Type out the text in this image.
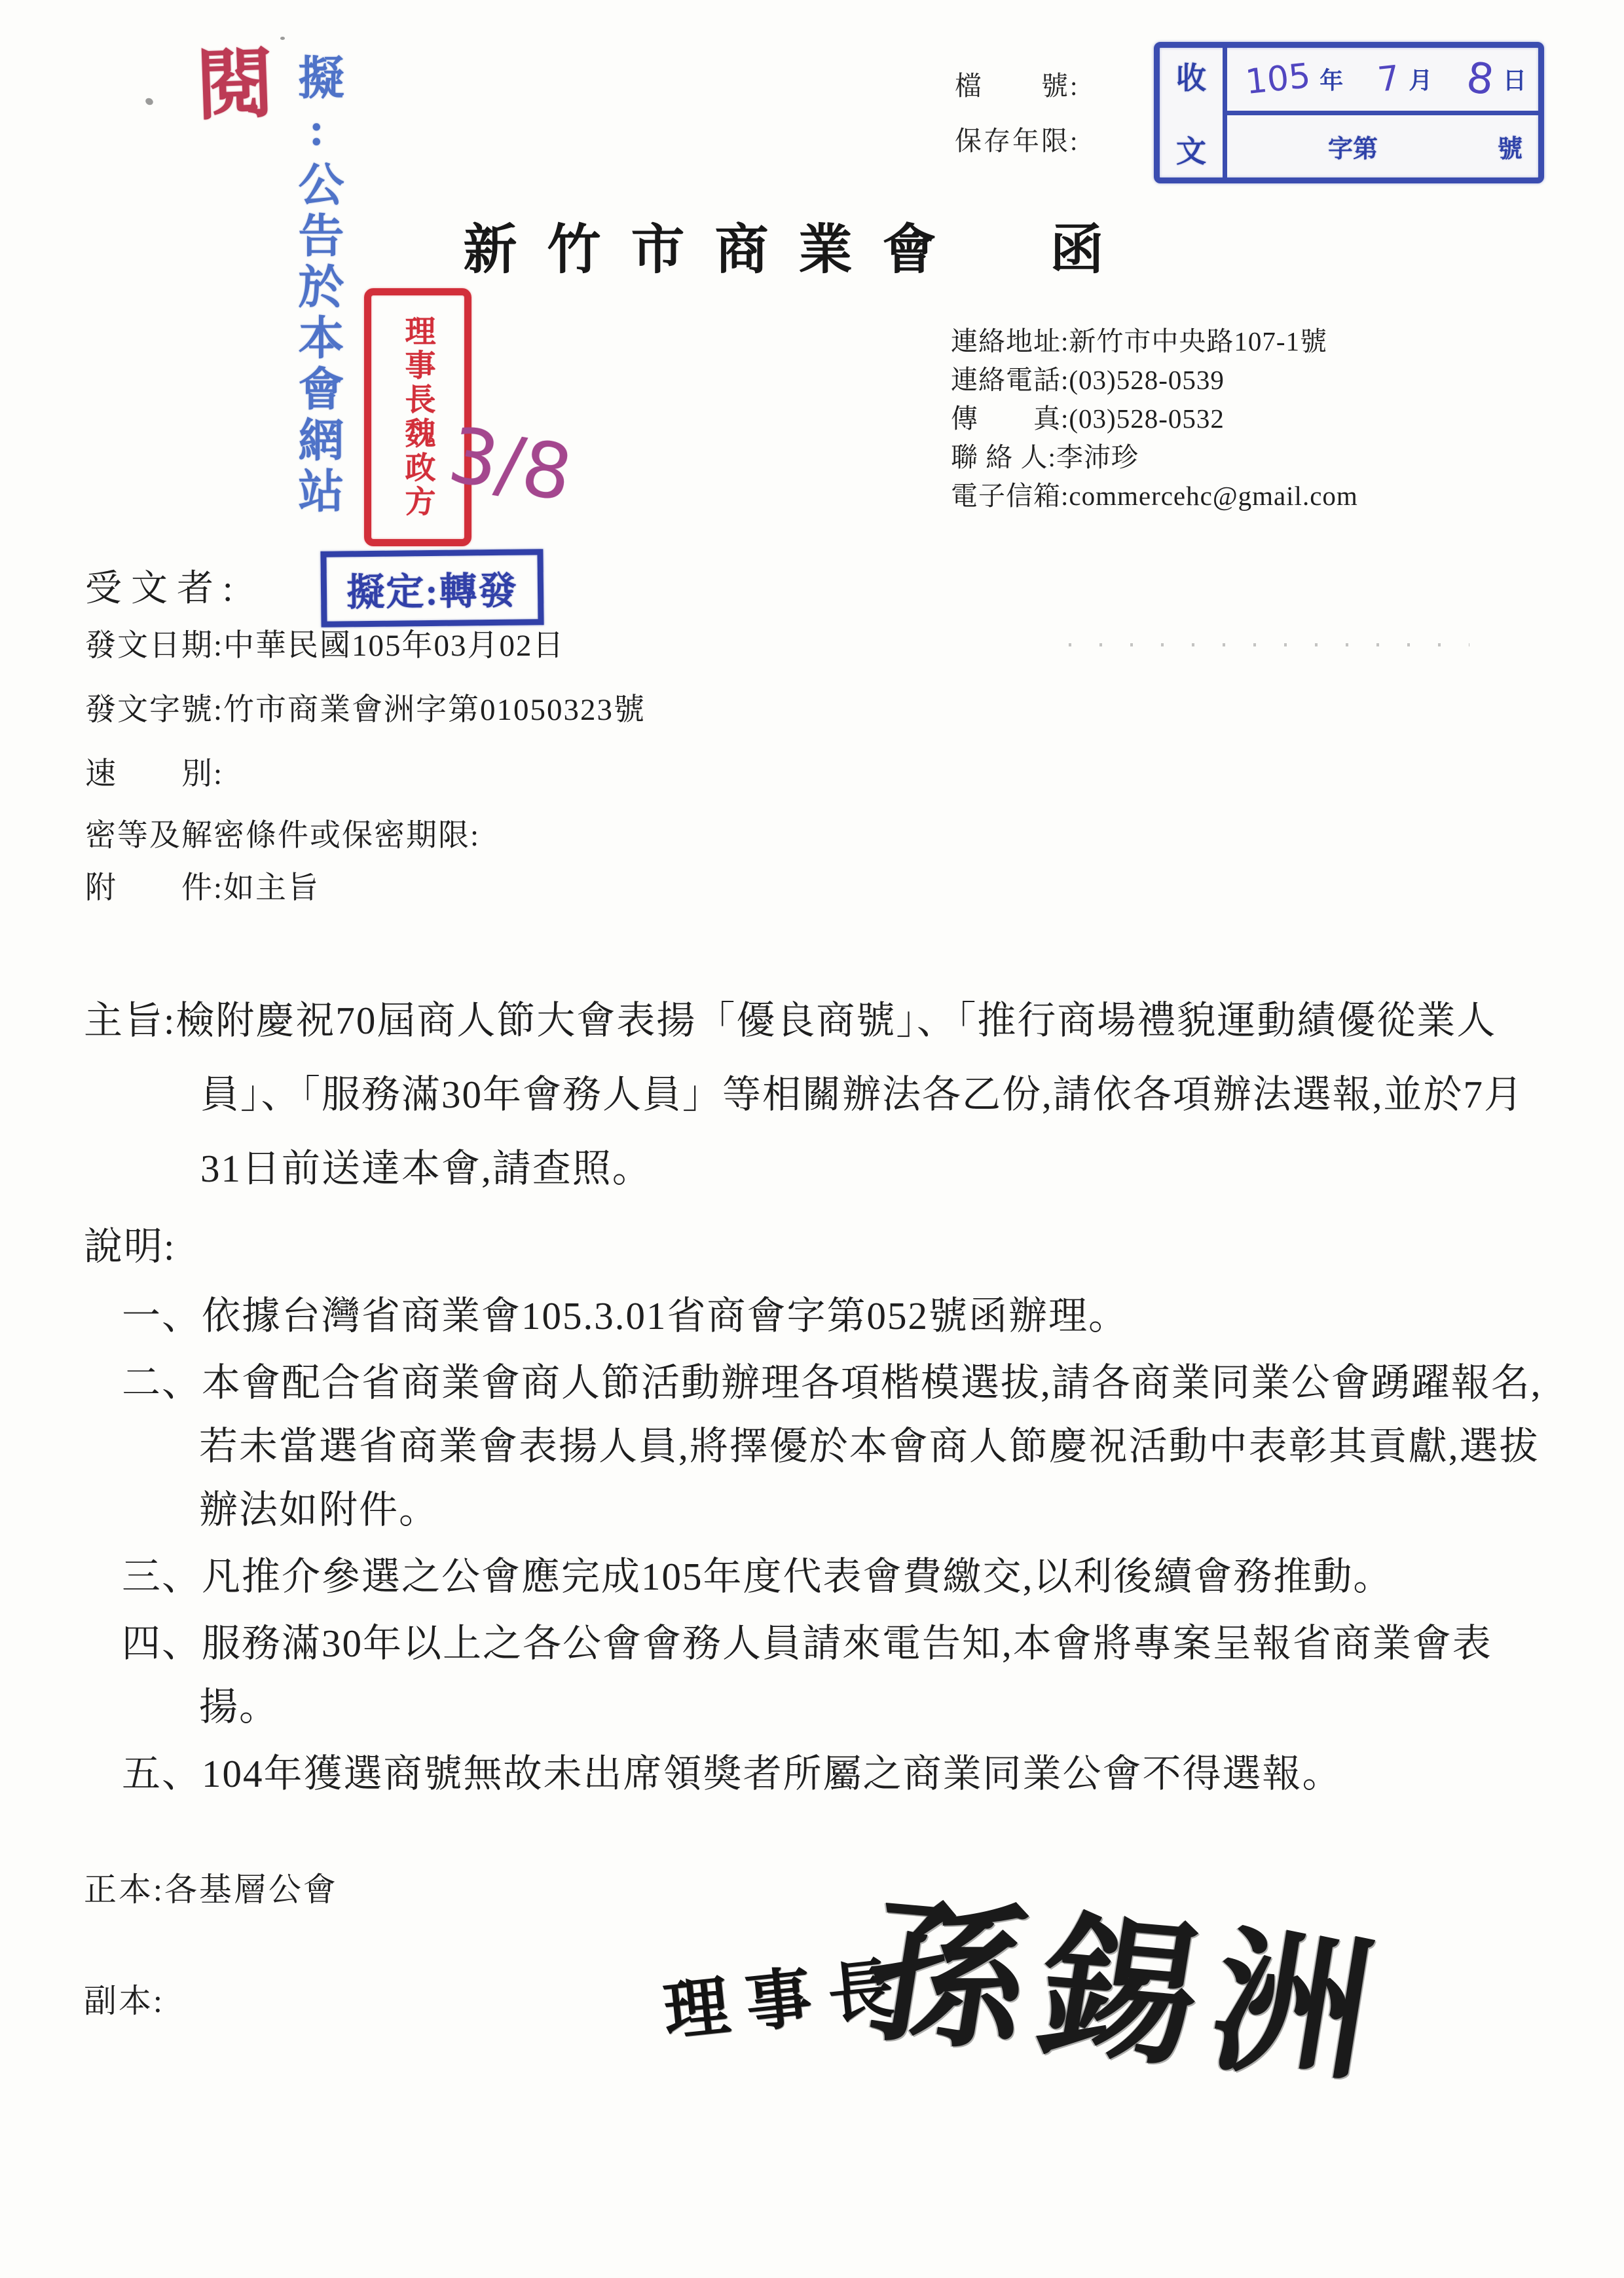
閱 擬:公告於本會網站 理事長魏政方 3/8
檔　　號:
保存年限:
收
文
105 年 7 月 8 日
字第	號
新竹市商業會　函
連絡地址:新竹市中央路107-1號
連絡電話:(03)528-0539
傳　　真:(03)528-0532
聯 絡 人:李沛珍
電子信箱:commercehc@gmail.com
受文者:	擬定:轉發
發文日期:中華民國105年03月02日
發文字號:竹市商業會洲字第01050323號
速　　別:
密等及解密條件或保密期限:
附　　件:如主旨

主旨:檢附慶祝70屆商人節大會表揚「優良商號」、「推行商場禮貌運動績優從業人員」、「服務滿30年會務人員」等相關辦法各乙份,請依各項辦法選報,並於7月31日前送達本會,請查照。

說明:

一、依據台灣省商業會105.3.01省商會字第052號函辦理。
二、本會配合省商業會商人節活動辦理各項楷模選拔,請各商業同業公會踴躍報名,若未當選省商業會表揚人員,將擇優於本會商人節慶祝活動中表彰其貢獻,選拔辦法如附件。
三、凡推介參選之公會應完成105年度代表會費繳交,以利後續會務推動。
四、服務滿30年以上之各公會會務人員請來電告知,本會將專案呈報省商業會表揚。
五、104年獲選商號無故未出席領獎者所屬之商業同業公會不得選報。
正本:各基層公會
副本:	理事長
孫錫洲
